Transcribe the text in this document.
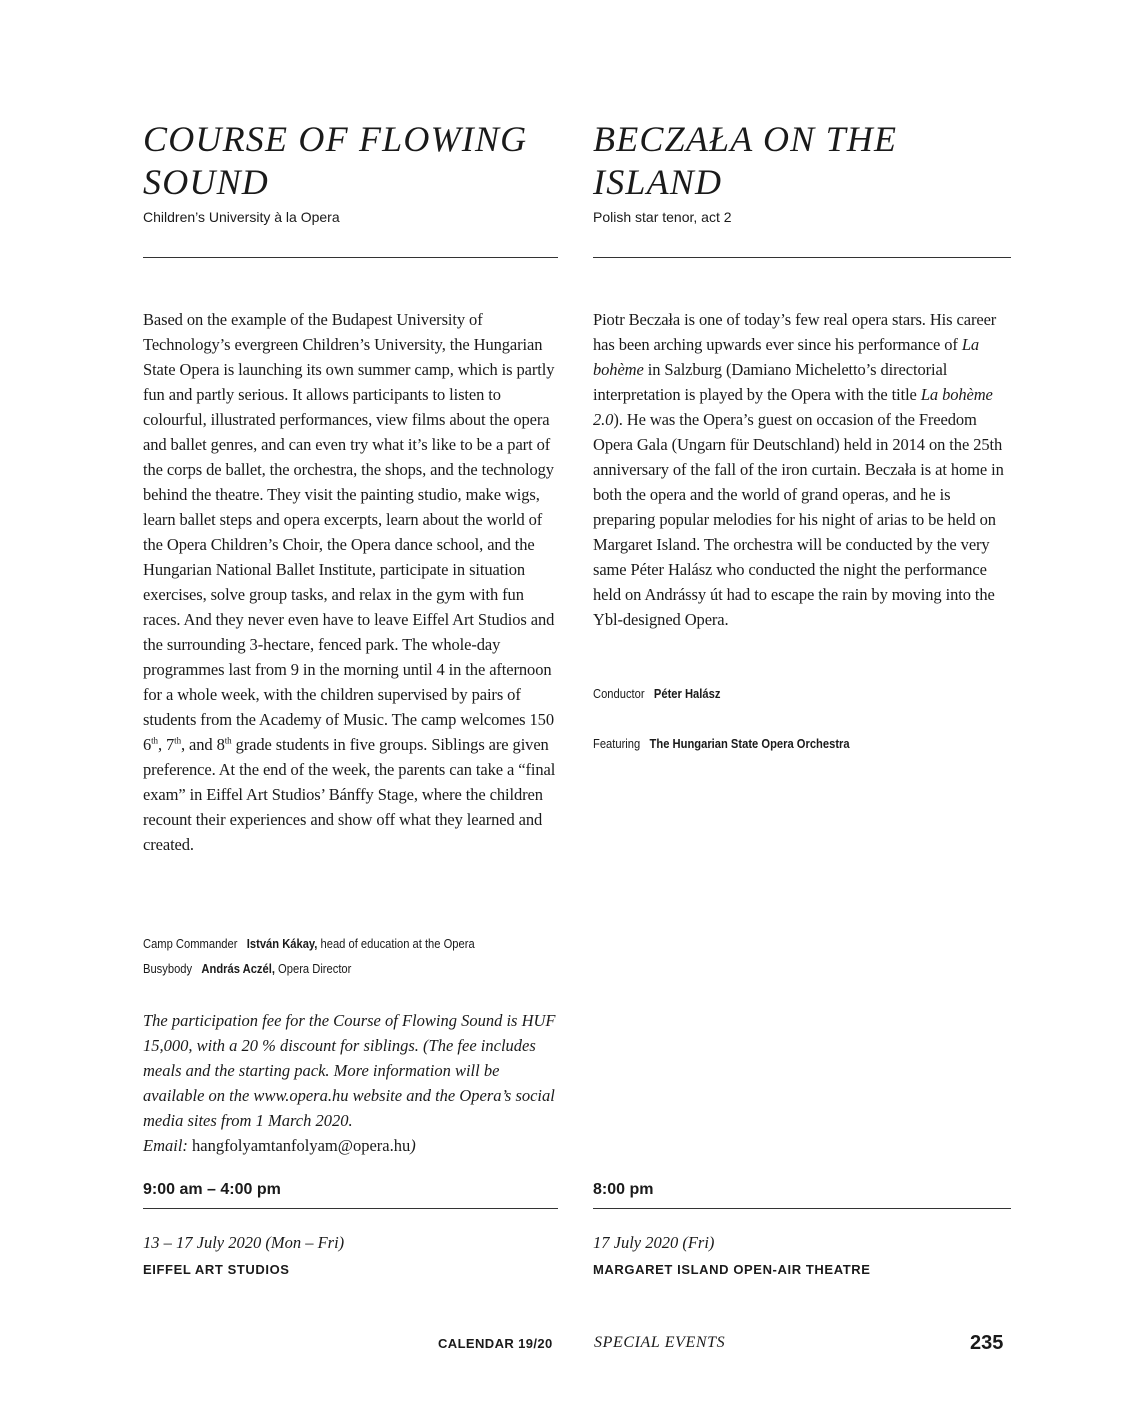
COURSE OF FLOWING SOUND
Children’s University à la Opera

Based on the example of the Budapest University of Technology’s evergreen Children’s University, the Hungarian State Opera is launching its own summer camp, which is partly fun and partly serious. It allows participants to listen to colourful, illustrated performances, view films about the opera and ballet genres, and can even try what it’s like to be a part of the corps de ballet, the orchestra, the shops, and the technology behind the theatre. They visit the painting studio, make wigs, learn ballet steps and opera excerpts, learn about the world of the Opera Children’s Choir, the Opera dance school, and the Hungarian National Ballet Institute, participate in situation exercises, solve group tasks, and relax in the gym with fun races. And they never even have to leave Eiffel Art Studios and the surrounding 3-hectare, fenced park. The whole-day programmes last from 9 in the morning until 4 in the afternoon for a whole week, with the children supervised by pairs of students from the Academy of Music. The camp welcomes 150 6th, 7th, and 8th grade students in five groups. Siblings are given preference. At the end of the week, the parents can take a “final exam” in Eiffel Art Studios’ Bánffy Stage, where the children recount their experiences and show off what they learned and created.

Camp Commander István Kákay, head of education at the Opera
Busybody András Aczél, Opera Director
The participation fee for the Course of Flowing Sound is HUF 15,000, with a 20 % discount for siblings. (The fee includes meals and the starting pack. More information will be available on the www.opera.hu website and the Opera’s social media sites from 1 March 2020.
Email: hangfolyamtanfolyam@opera.hu)
9:00 am – 4:00 pm
13 – 17 July 2020 (Mon – Fri)
EIFFEL ART STUDIOS
BECZAŁA ON THE ISLAND
Polish star tenor, act 2

Piotr Beczała is one of today’s few real opera stars. His career has been arching upwards ever since his performance of La bohème in Salzburg (Damiano Micheletto’s directorial interpretation is played by the Opera with the title La bohème 2.0). He was the Opera’s guest on occasion of the Freedom Opera Gala (Ungarn für Deutschland) held in 2014 on the 25th anniversary of the fall of the iron curtain. Beczała is at home in both the opera and the world of grand operas, and he is preparing popular melodies for his night of arias to be held on Margaret Island. The orchestra will be conducted by the very same Péter Halász who conducted the night the performance held on Andrássy út had to escape the rain by moving into the Ybl-designed Opera.

Conductor Péter Halász
Featuring The Hungarian State Opera Orchestra
8:00 pm
17 July 2020 (Fri)
MARGARET ISLAND OPEN-AIR THEATRE
CALENDAR 19/20	SPECIAL EVENTS	235
